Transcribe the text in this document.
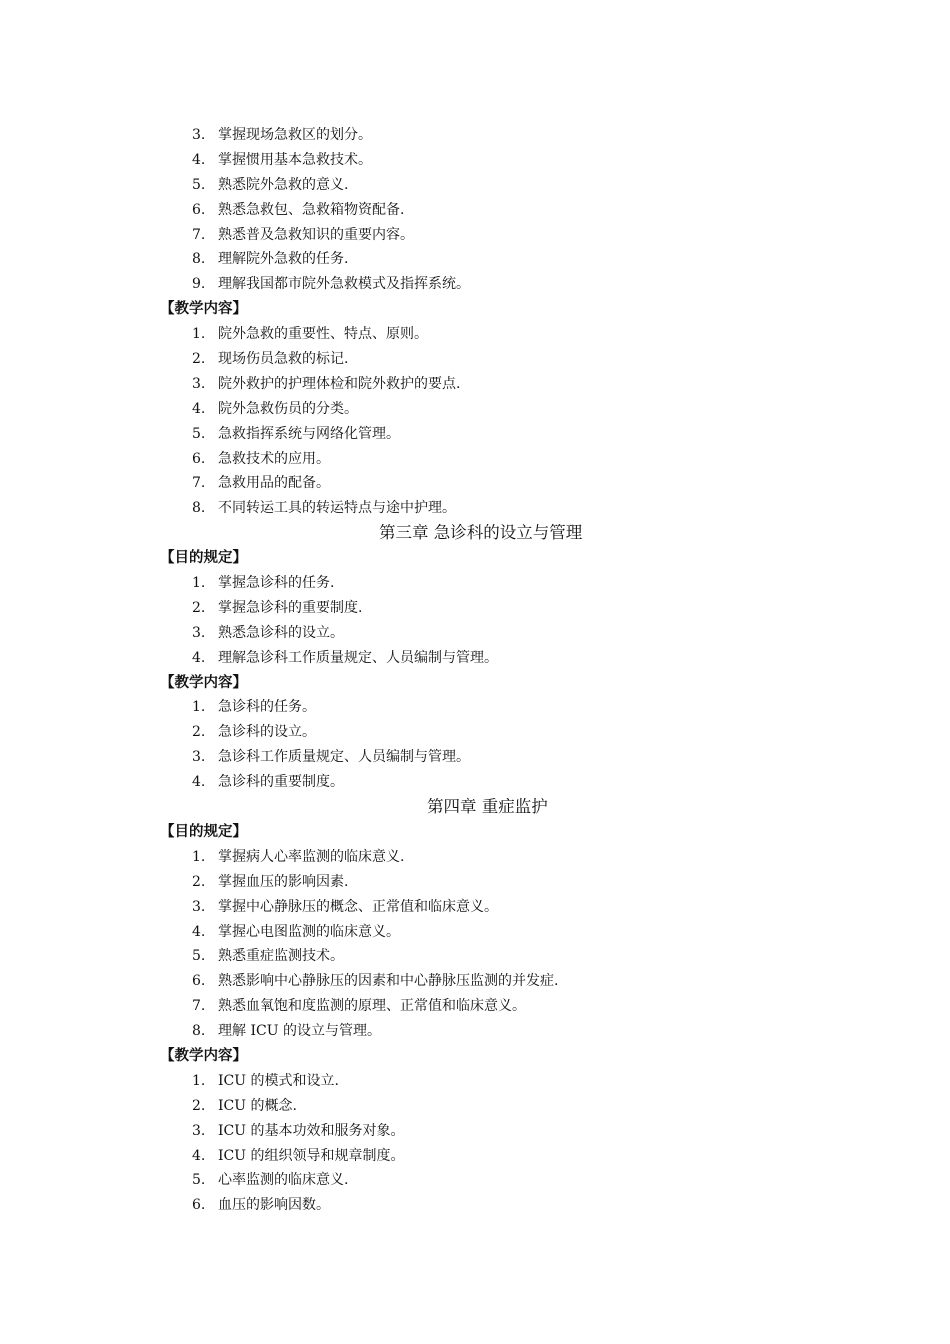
3. 掌握现场急救区的划分。
4. 掌握惯用基本急救技术。
5. 熟悉院外急救的意义.
6. 熟悉急救包、急救箱物资配备.
7. 熟悉普及急救知识的重要内容。
8. 理解院外急救的任务.
9. 理解我国都市院外急救模式及指挥系统。
【教学内容】
1. 院外急救的重要性、特点、原则。
2. 现场伤员急救的标记.
3. 院外救护的护理体检和院外救护的要点.
4. 院外急救伤员的分类。
5. 急救指挥系统与网络化管理。
6. 急救技术的应用。
7. 急救用品的配备。
8. 不同转运工具的转运特点与途中护理。
第三章 急诊科的设立与管理
【目的规定】
1. 掌握急诊科的任务.
2. 掌握急诊科的重要制度.
3. 熟悉急诊科的设立。
4. 理解急诊科工作质量规定、人员编制与管理。
【教学内容】
1. 急诊科的任务。
2. 急诊科的设立。
3. 急诊科工作质量规定、人员编制与管理。
4. 急诊科的重要制度。
第四章 重症监护
【目的规定】
1. 掌握病人心率监测的临床意义.
2. 掌握血压的影响因素.
3. 掌握中心静脉压的概念、正常值和临床意义。
4. 掌握心电图监测的临床意义。
5. 熟悉重症监测技术。
6. 熟悉影响中心静脉压的因素和中心静脉压监测的并发症.
7. 熟悉血氧饱和度监测的原理、正常值和临床意义。
8. 理解 ICU 的设立与管理。
【教学内容】
1. ICU 的模式和设立.
2. ICU 的概念.
3. ICU 的基本功效和服务对象。
4. ICU 的组织领导和规章制度。
5. 心率监测的临床意义.
6. 血压的影响因数。
